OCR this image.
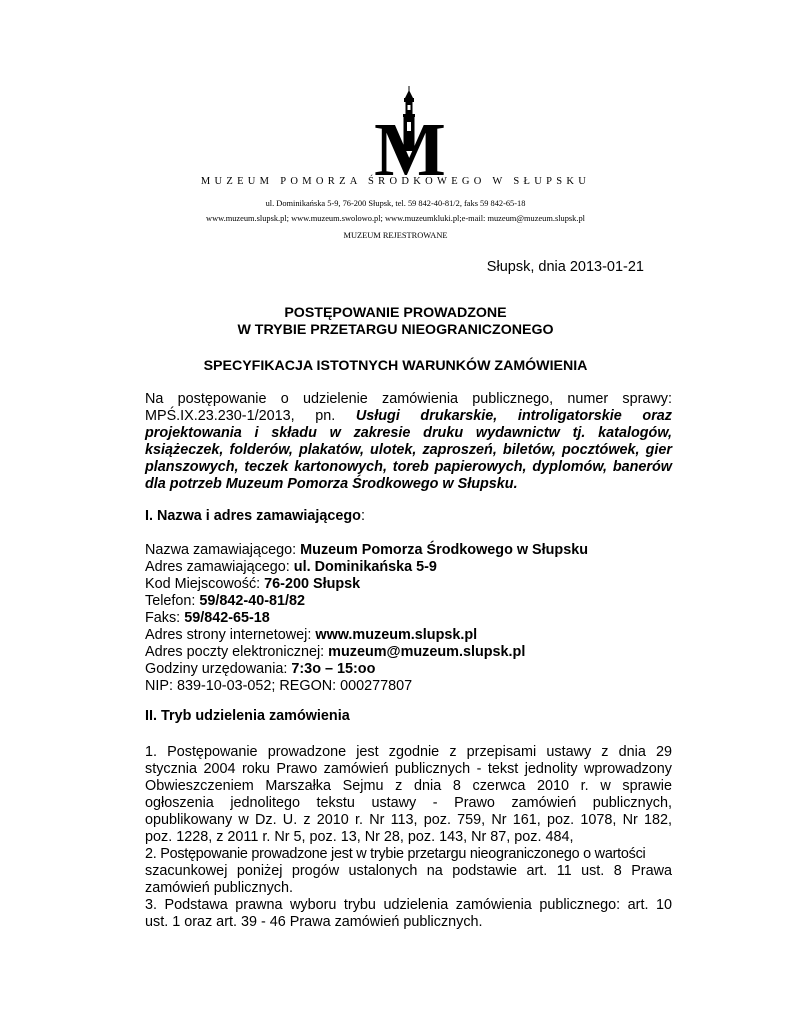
M
MUZEUM POMORZA ŚRODKOWEGO W SŁUPSKU
ul. Dominikańska 5-9, 76-200 Słupsk, tel. 59 842-40-81/2, faks 59 842-65-18
www.muzeum.slupsk.pl; www.muzeum.swolowo.pl; www.muzeumkluki.pl;e-mail: muzeum@muzeum.slupsk.pl
MUZEUM REJESTROWANE
Słupsk, dnia 2013-01-21
POSTĘPOWANIE PROWADZONE
W TRYBIE PRZETARGU NIEOGRANICZONEGO
SPECYFIKACJA ISTOTNYCH WARUNKÓW ZAMÓWIENIA
Na postępowanie o udzielenie zamówienia publicznego, numer sprawy:
MPŚ.IX.23.230-1/2013, pn. Usługi drukarskie, introligatorskie oraz
projektowania i składu w zakresie druku wydawnictw tj. katalogów,
książeczek, folderów, plakatów, ulotek, zaproszeń, biletów, pocztówek, gier
planszowych, teczek kartonowych, toreb papierowych, dyplomów, banerów
dla potrzeb Muzeum Pomorza Środkowego w Słupsku.
I. Nazwa i adres zamawiającego:
Nazwa zamawiającego: Muzeum Pomorza Środkowego w Słupsku
Adres zamawiającego: ul. Dominikańska 5-9
Kod Miejscowość: 76-200 Słupsk
Telefon: 59/842-40-81/82
Faks: 59/842-65-18
Adres strony internetowej: www.muzeum.slupsk.pl
Adres poczty elektronicznej: muzeum@muzeum.slupsk.pl
Godziny urzędowania: 7:3o – 15:oo
NIP: 839-10-03-052; REGON: 000277807
II. Tryb udzielenia zamówienia
1. Postępowanie prowadzone jest zgodnie z przepisami ustawy z dnia 29
stycznia 2004 roku Prawo zamówień publicznych - tekst jednolity wprowadzony
Obwieszczeniem Marszałka Sejmu z dnia 8 czerwca 2010 r. w sprawie
ogłoszenia jednolitego tekstu ustawy - Prawo zamówień publicznych,
opublikowany w Dz. U. z 2010 r. Nr 113, poz. 759, Nr 161, poz. 1078, Nr 182,
poz. 1228, z 2011 r. Nr 5, poz. 13, Nr 28, poz. 143, Nr 87, poz. 484,
2. Postępowanie prowadzone jest w trybie przetargu nieograniczonego o wartości
szacunkowej poniżej progów ustalonych na podstawie art. 11 ust. 8 Prawa
zamówień publicznych.
3. Podstawa prawna wyboru trybu udzielenia zamówienia publicznego: art. 10
ust. 1 oraz art. 39 - 46 Prawa zamówień publicznych.
